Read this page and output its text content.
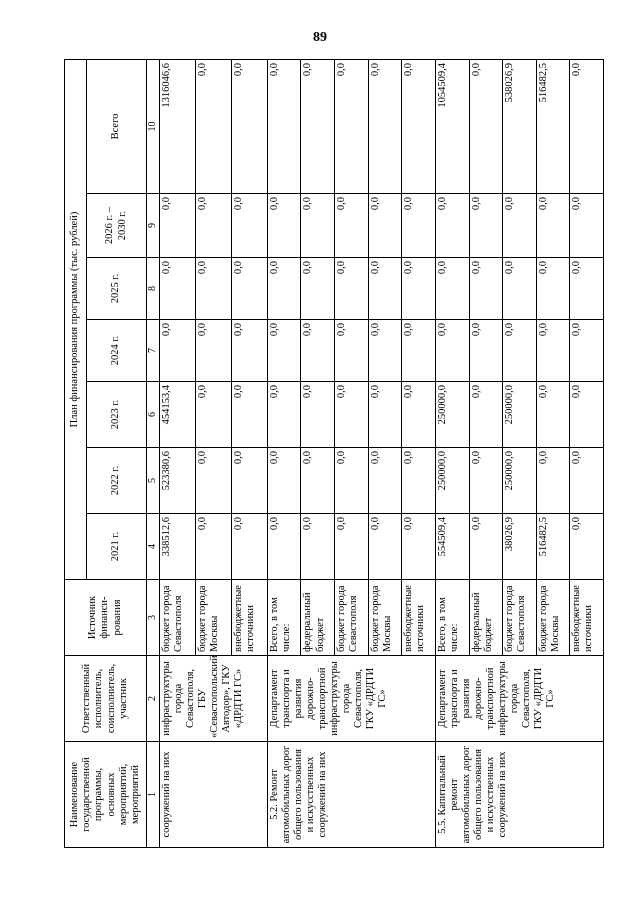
89
Наименование государственной программы, основных мероприятий, мероприятий	Ответственный исполнитель, соисполнитель, участник	Источник финанси-рования	План финансирования программы (тыс. рублей)						
			2021 г.	2022 г.	2023 г.	2024 г.	2025 г.	2026 г. – 2030 г.	Всего
1	2	3	4	5	6	7	8	9	10
сооружений на них	инфраструктуры города Севастополя, ГБУ «Севастопольский Автодор», ГКУ «ДРДТИ ГС»	бюджет города Севастополя	338512,6	523380,6	454153,4	0,0	0,0	0,0	1316046,6
		бюджет города Москвы	0,0	0,0	0,0	0,0	0,0	0,0	0,0
		внебюджетные источники	0,0	0,0	0,0	0,0	0,0	0,0	0,0
5.2. Ремонт автомобильных дорог общего пользования и искусственных сооружений на них	Департамент транспорта и развития дорожно-транспортной инфраструктуры города Севастополя, ГКУ «ДРДТИ ГС»	Всего, в том числе:	0,0	0,0	0,0	0,0	0,0	0,0	0,0
		федеральный бюджет	0,0	0,0	0,0	0,0	0,0	0,0	0,0
		бюджет города Севастополя	0,0	0,0	0,0	0,0	0,0	0,0	0,0
		бюджет города Москвы	0,0	0,0	0,0	0,0	0,0	0,0	0,0
		внебюджетные источники	0,0	0,0	0,0	0,0	0,0	0,0	0,0
5.5. Капитальный ремонт автомобильных дорог общего пользования и искусственных сооружений на них	Департамент транспорта и развития дорожно-транспортной инфраструктуры города Севастополя, ГКУ «ДРДТИ ГС»	Всего, в том числе:	554509,4	250000,0	250000,0	0,0	0,0	0,0	1054509,4
		федеральный бюджет	0,0	0,0	0,0	0,0	0,0	0,0	0,0
		бюджет города Севастополя	38026,9	250000,0	250000,0	0,0	0,0	0,0	538026,9
		бюджет города Москвы	516482,5	0,0	0,0	0,0	0,0	0,0	516482,5
		внебюджетные источники	0,0	0,0	0,0	0,0	0,0	0,0	0,0
